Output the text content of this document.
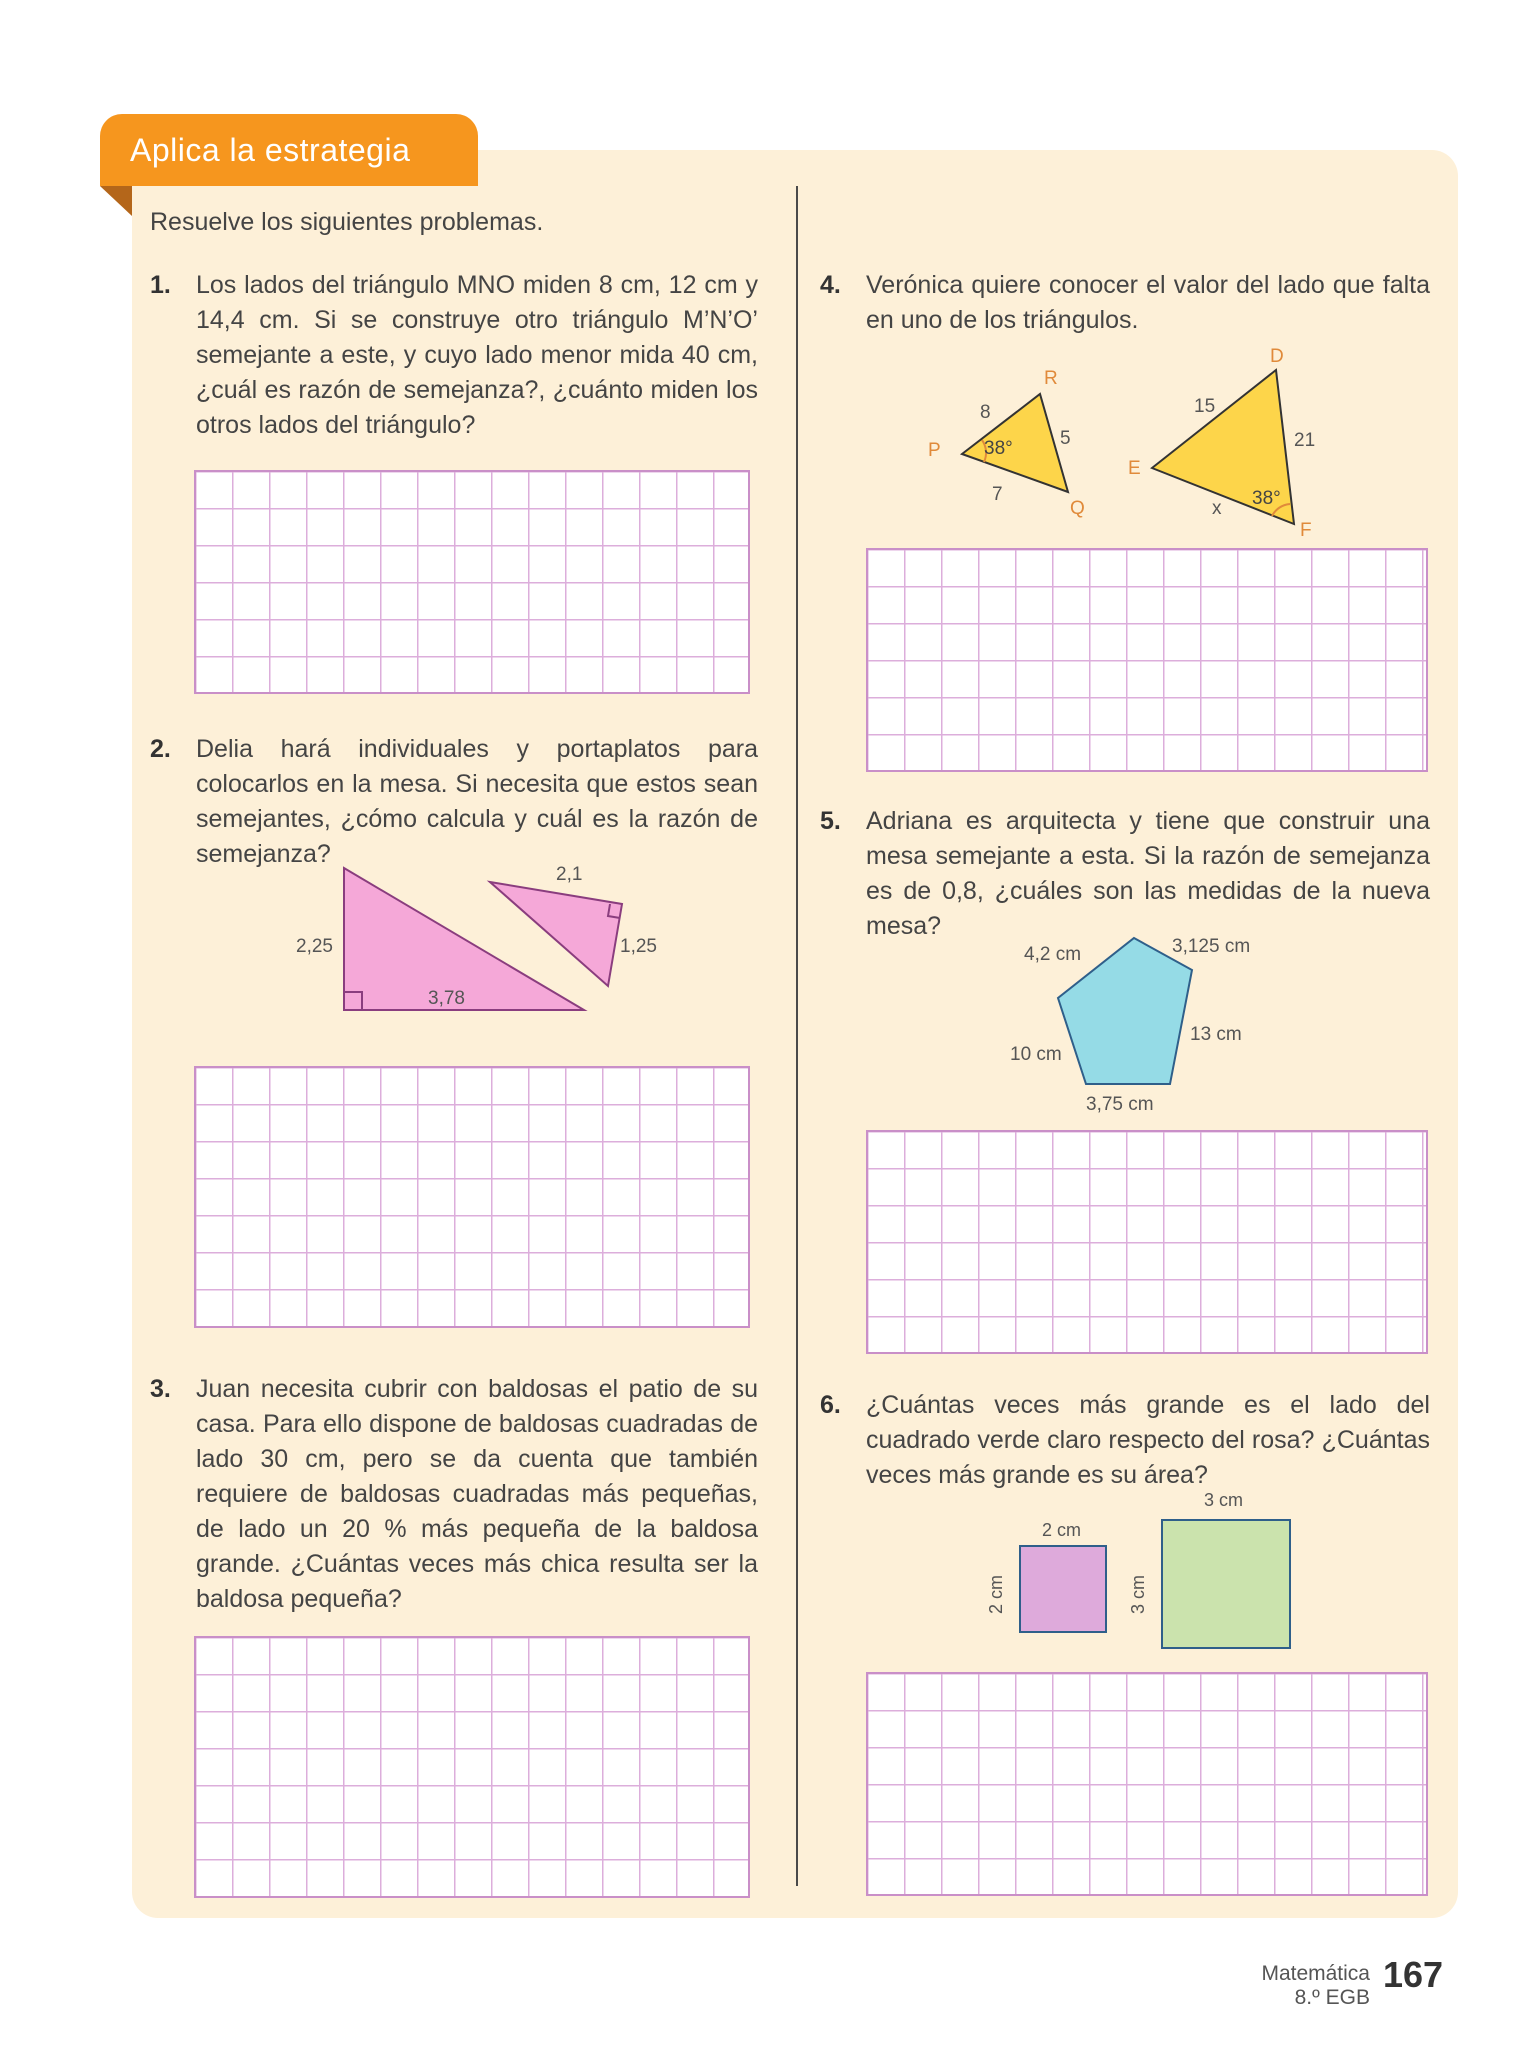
Aplica la estrategia
Resuelve los siguientes problemas.
1. Los lados del triángulo MNO miden 8 cm, 12 cm y 14,4 cm. Si se construye otro triángulo M’N’O’ semejante a este, y cuyo lado menor mida 40 cm, ¿cuál es razón de semejanza?, ¿cuánto miden los otros lados del triángulo?
2. Delia hará individuales y portaplatos para colocarlos en la mesa. Si necesita que estos sean semejantes, ¿cómo calcula y cuál es la razón de semejanza?
2,25
3,78
2,1
1,25
3. Juan necesita cubrir con baldosas el patio de su casa. Para ello dispone de baldosas cuadradas de lado 30 cm, pero se da cuenta que también requiere de baldosas cuadradas más pequeñas, de lado un 20 % más pequeña de la baldosa grande. ¿Cuántas veces más chica resulta ser la baldosa pequeña?
4. Verónica quiere conocer el valor del lado que falta en uno de los triángulos.
P
R
Q
8
5
7
38°
D
E
F
15
21
x 38°
5. Adriana es arquitecta y tiene que construir una mesa semejante a esta. Si la razón de semejanza es de 0,8, ¿cuáles son las medidas de la nueva mesa?
4,2 cm	3,125 cm
10 cm
13 cm
3,75 cm
6. ¿Cuántas veces más grande es el lado del cuadrado verde claro respecto del rosa? ¿Cuántas veces más grande es su área?
2 cm
2 cm
3 cm
3 cm
Matemática
8.º EGB
167
